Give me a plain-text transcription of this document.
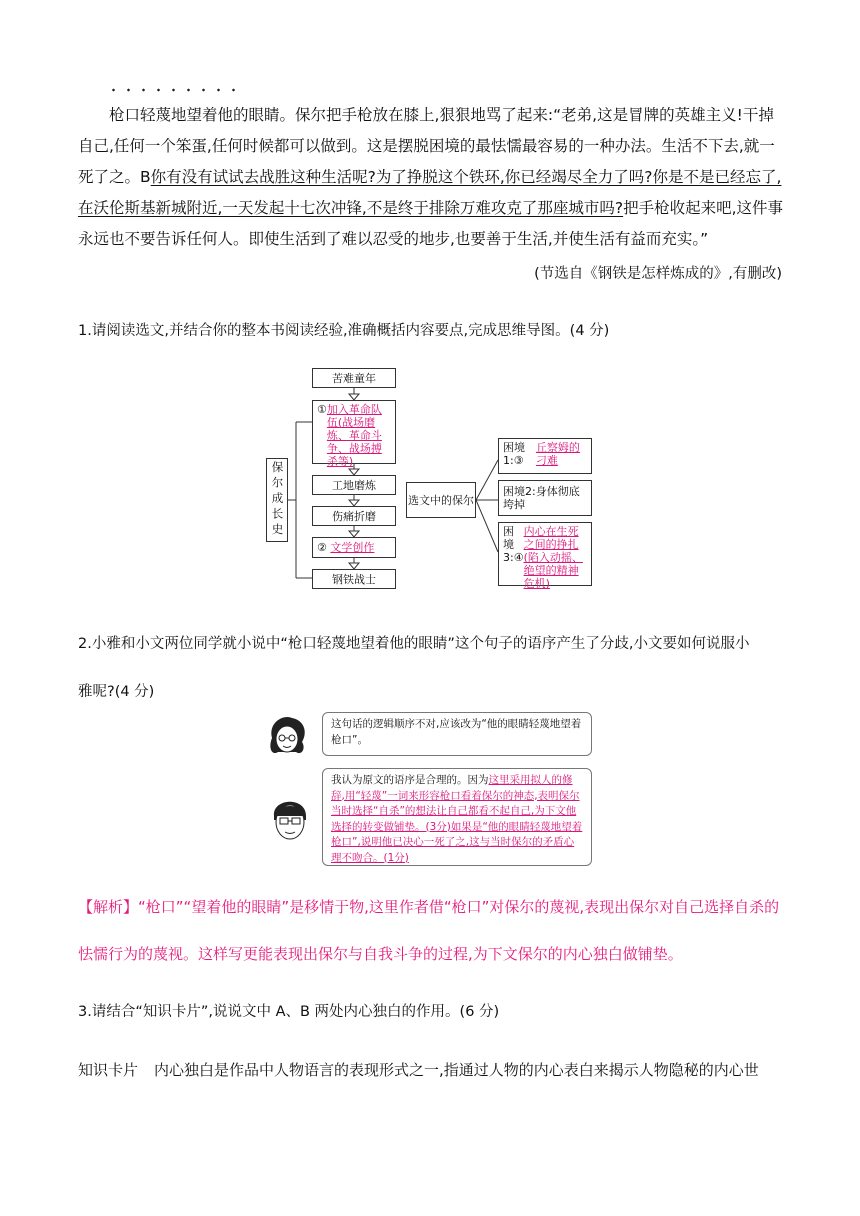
枪口轻蔑地望着他的眼睛。保尔把手枪放在膝上,狠狠地骂了起来:“老弟,这是冒牌的英雄主义!干掉自己,任何一个笨蛋,任何时候都可以做到。这是摆脱困境的最怯懦最容易的一种办法。生活不下去,就一死了之。B你有没有试试去战胜这种生活呢?为了挣脱这个铁环,你已经竭尽全力了吗?你是不是已经忘了,在沃伦斯基新城附近,一天发起十七次冲锋,不是终于排除万难攻克了那座城市吗?把手枪收起来吧,这件事永远也不要告诉任何人。即使生活到了难以忍受的地步,也要善于生活,并使生活有益而充实。”

(节选自《钢铁是怎样炼成的》,有删改)
1.请阅读选文,并结合你的整本书阅读经验,准确概括内容要点,完成思维导图。(4 分)
保尔成长史
苦难童年
① 加入革命队伍(战场磨炼、革命斗争、战场搏杀等)
工地磨炼
伤痛折磨
②
文学创作
钢铁战士
选文中的保尔
困境1:③
丘察姆的刁难
困境2:身体彻底垮掉
困境3:④
内心在生死之间的挣扎(陷入动摇、绝望的精神危机)
2.小雅和小文两位同学就小说中“枪口轻蔑地望着他的眼睛”这个句子的语序产生了分歧,小文要如何说服小
雅呢?(4 分)
这句话的逻辑顺序不对,应该改为“他的眼睛轻蔑地望着枪口”。
我认为原文的语序是合理的。因为这里采用拟人的修辞,用“轻蔑”一词来形容枪口看着保尔的神态,表明保尔当时选择“自杀”的想法让自己都看不起自己,为下文他选择的转变做铺垫。(3分)如果是“他的眼睛轻蔑地望着枪口”,说明他已决心一死了之,这与当时保尔的矛盾心理不吻合。(1分)
【解析】“枪口”“望着他的眼睛”是移情于物,这里作者借“枪口”对保尔的蔑视,表现出保尔对自己选择自杀的怯懦行为的蔑视。这样写更能表现出保尔与自我斗争的过程,为下文保尔的内心独白做铺垫。
3.请结合“知识卡片”,说说文中 A、B 两处内心独白的作用。(6 分)
知识卡片 内心独白是作品中人物语言的表现形式之一,指通过人物的内心表白来揭示人物隐秘的内心世
